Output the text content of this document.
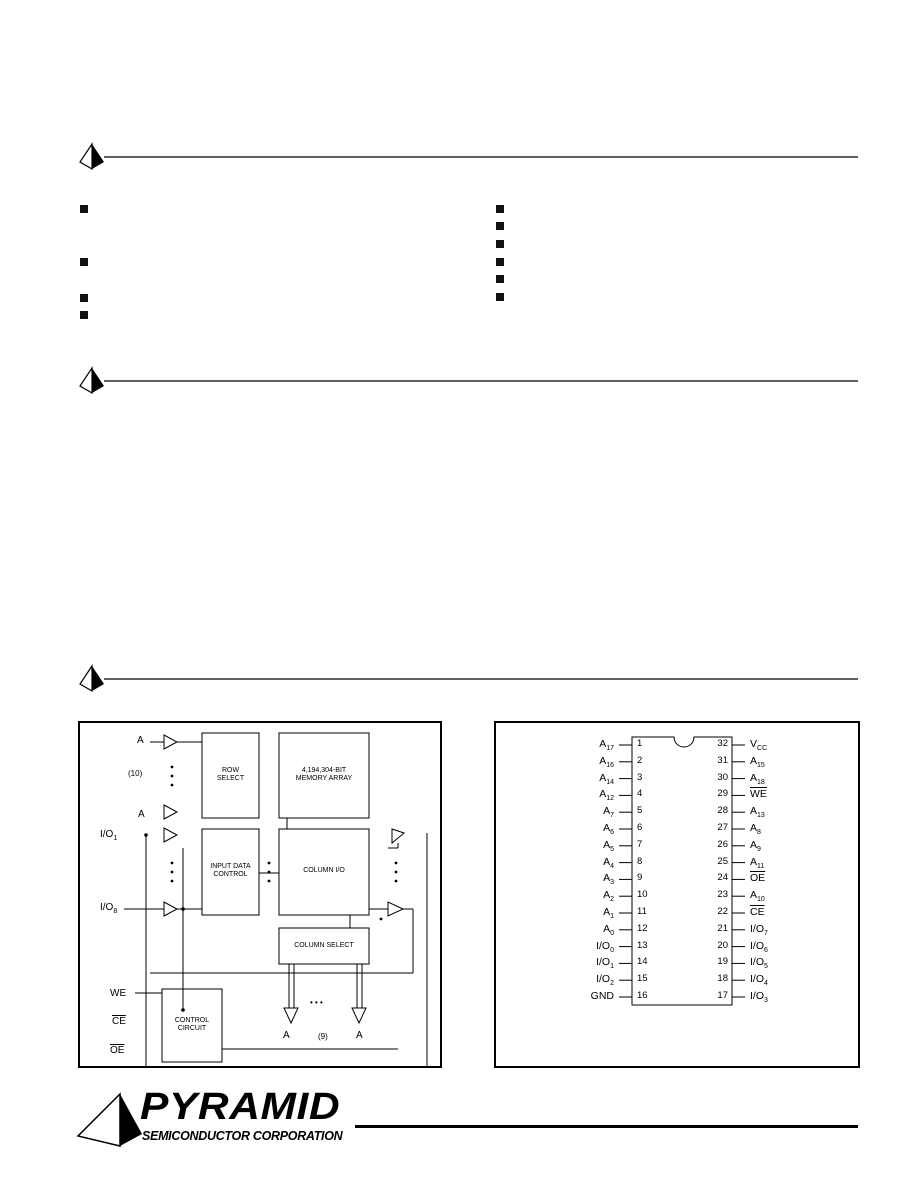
ROW
SELECT
4,194,304-BIT
MEMORY ARRAY
INPUT DATA
CONTROL
COLUMN I/O
COLUMN SELECT
CONTROL
CIRCUIT
A
(10)
A
$I/O_1$
$I/O_8$
WE
$\overline{CE}$
$\overline{OE}$
A	(9)	A
• • •
$A_{17}$ 1
$A_{16}$ 2
$A_{14}$ 3
$A_{12}$ 4
$A_7$ 5
$A_6$ 6
$A_5$ 7
$A_4$ 8
$A_3$ 9
$A_2$ 10
$A_1$ 11
$A_0$ 12
$I/O_0$ 13
$I/O_1$ 14
$I/O_2$ 15
GND 16
32 $V_{CC}$
31 $A_{15}$
30 $A_{18}$
29 $\overline{WE}$
28 $A_{13}$
27 $A_8$
26 $A_9$
25 $A_{11}$
24 $\overline{OE}$
23 $A_{10}$
22 $\overline{CE}$
21 $I/O_7$
20 $I/O_6$
19 $I/O_5$
18 $I/O_4$
17 $I/O_3$
PYRAMID
SEMICONDUCTOR CORPORATION
